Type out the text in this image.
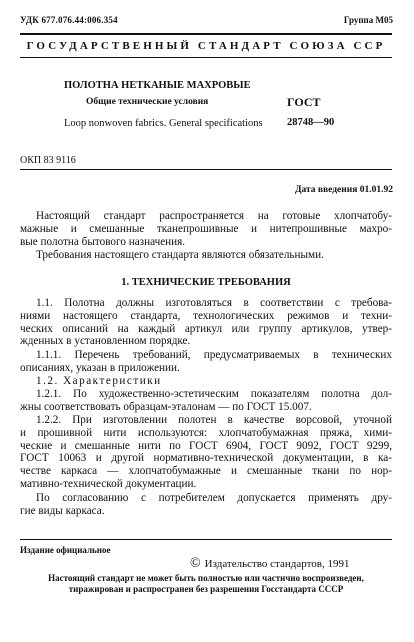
УДК 677.076.44:006.354	Группа М05
ГОСУДАРСТВЕННЫЙ СТАНДАРТ СОЮЗА ССР
ПОЛОТНА НЕТКАНЫЕ МАХРОВЫЕ
Общие технические условия
Loop nonwoven fabrics. General specifications
ГОСТ
28748—90
ОКП 83 9116
Дата введения 01.01.92
Настоящий стандарт распространяется на готовые хлопчатобу-
мажные и смешанные тканепрошивные и нитепрошивные махро-
вые полотна бытового назначения.
Требования настоящего стандарта являются обязательными.
1. ТЕХНИЧЕСКИЕ ТРЕБОВАНИЯ
1.1. Полотна должны изготовляться в соответствии с требова-
ниями настоящего стандарта, технологических режимов и техни-
ческих описаний на каждый артикул или группу артикулов, утвер-
жденных в установленном порядке.
1.1.1. Перечень требований, предусматриваемых в технических
описаниях, указан в приложении.
1.2. Характеристики
1.2.1. По художественно-эстетическим показателям полотна дол-
жны соответствовать образцам-эталонам — по ГОСТ 15.007.
1.2.2. При изготовлении полотен в качестве ворсовой, уточной
и прошивной нити используются: хлопчатобумажная пряжа, хими-
ческие и смешанные нити по ГОСТ 6904, ГОСТ 9092, ГОСТ 9299,
ГОСТ 10063 и другой нормативно-технической документации, в ка-
честве каркаса — хлопчатобумажные и смешанные ткани по нор-
мативно-технической документации.
По согласованию с потребителем допускается применять дру-
гие виды каркаса.
Издание официальное
© Издательство стандартов, 1991
Настоящий стандарт не может быть полностью или частично воспроизведен, тиражирован и распространен без разрешения Госстандарта СССР
